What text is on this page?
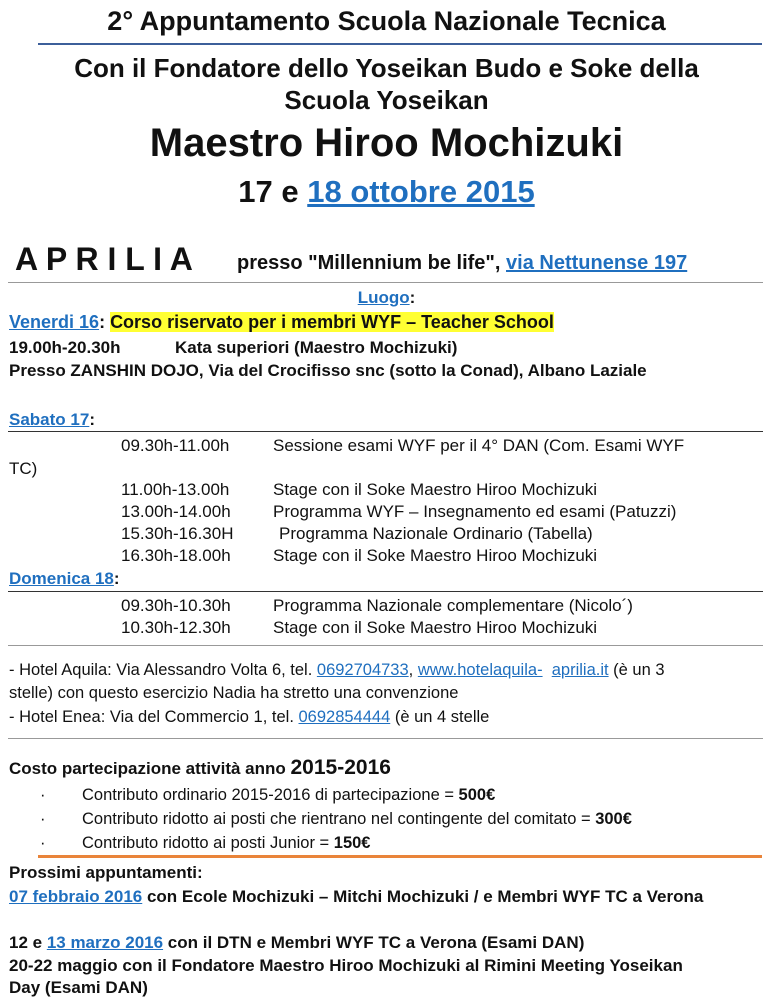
2° Appuntamento Scuola Nazionale Tecnica
Con il Fondatore dello Yoseikan Budo e Soke della
Scuola Yoseikan
Maestro Hiroo Mochizuki
17 e 18 ottobre 2015
A P R I L I A presso "Millennium be life", via Nettunense 197
Luogo:
Venerdi 16: Corso riservato per i membri WYF – Teacher School
19.00h-20.30h	Kata superiori (Maestro Mochizuki)
Presso ZANSHIN DOJO, Via del Crocifisso snc (sotto la Conad), Albano Laziale
Sabato 17:
09.30h-11.00h	Sessione esami WYF per il 4° DAN (Com. Esami WYF
TC)
11.00h-13.00h	Stage con il Soke Maestro Hiroo Mochizuki
13.00h-14.00h Programma WYF – Insegnamento ed esami (Patuzzi)
15.30h-16.30H	Programma Nazionale Ordinario (Tabella)
16.30h-18.00h Stage con il Soke Maestro Hiroo Mochizuki
Domenica 18:
09.30h-10.30h Programma Nazionale complementare (Nicolo´)
10.30h-12.30h Stage con il Soke Maestro Hiroo Mochizuki
- Hotel Aquila: Via Alessandro Volta 6, tel. 0692704733, www.hotelaquila- aprilia.it (è un 3
stelle) con questo esercizio Nadia ha stretto una convenzione
- Hotel Enea: Via del Commercio 1, tel. 0692854444 (è un 4 stelle
Costo partecipazione attività anno 2015-2016
· Contributo ordinario 2015-2016 di partecipazione = 500€
· Contributo ridotto ai posti che rientrano nel contingente del comitato = 300€
· Contributo ridotto ai posti Junior = 150€
Prossimi appuntamenti:
07 febbraio 2016 con Ecole Mochizuki – Mitchi Mochizuki / e Membri WYF TC a Verona
12 e 13 marzo 2016 con il DTN e Membri WYF TC a Verona (Esami DAN)
20-22 maggio con il Fondatore Maestro Hiroo Mochizuki al Rimini Meeting Yoseikan
Day (Esami DAN)
